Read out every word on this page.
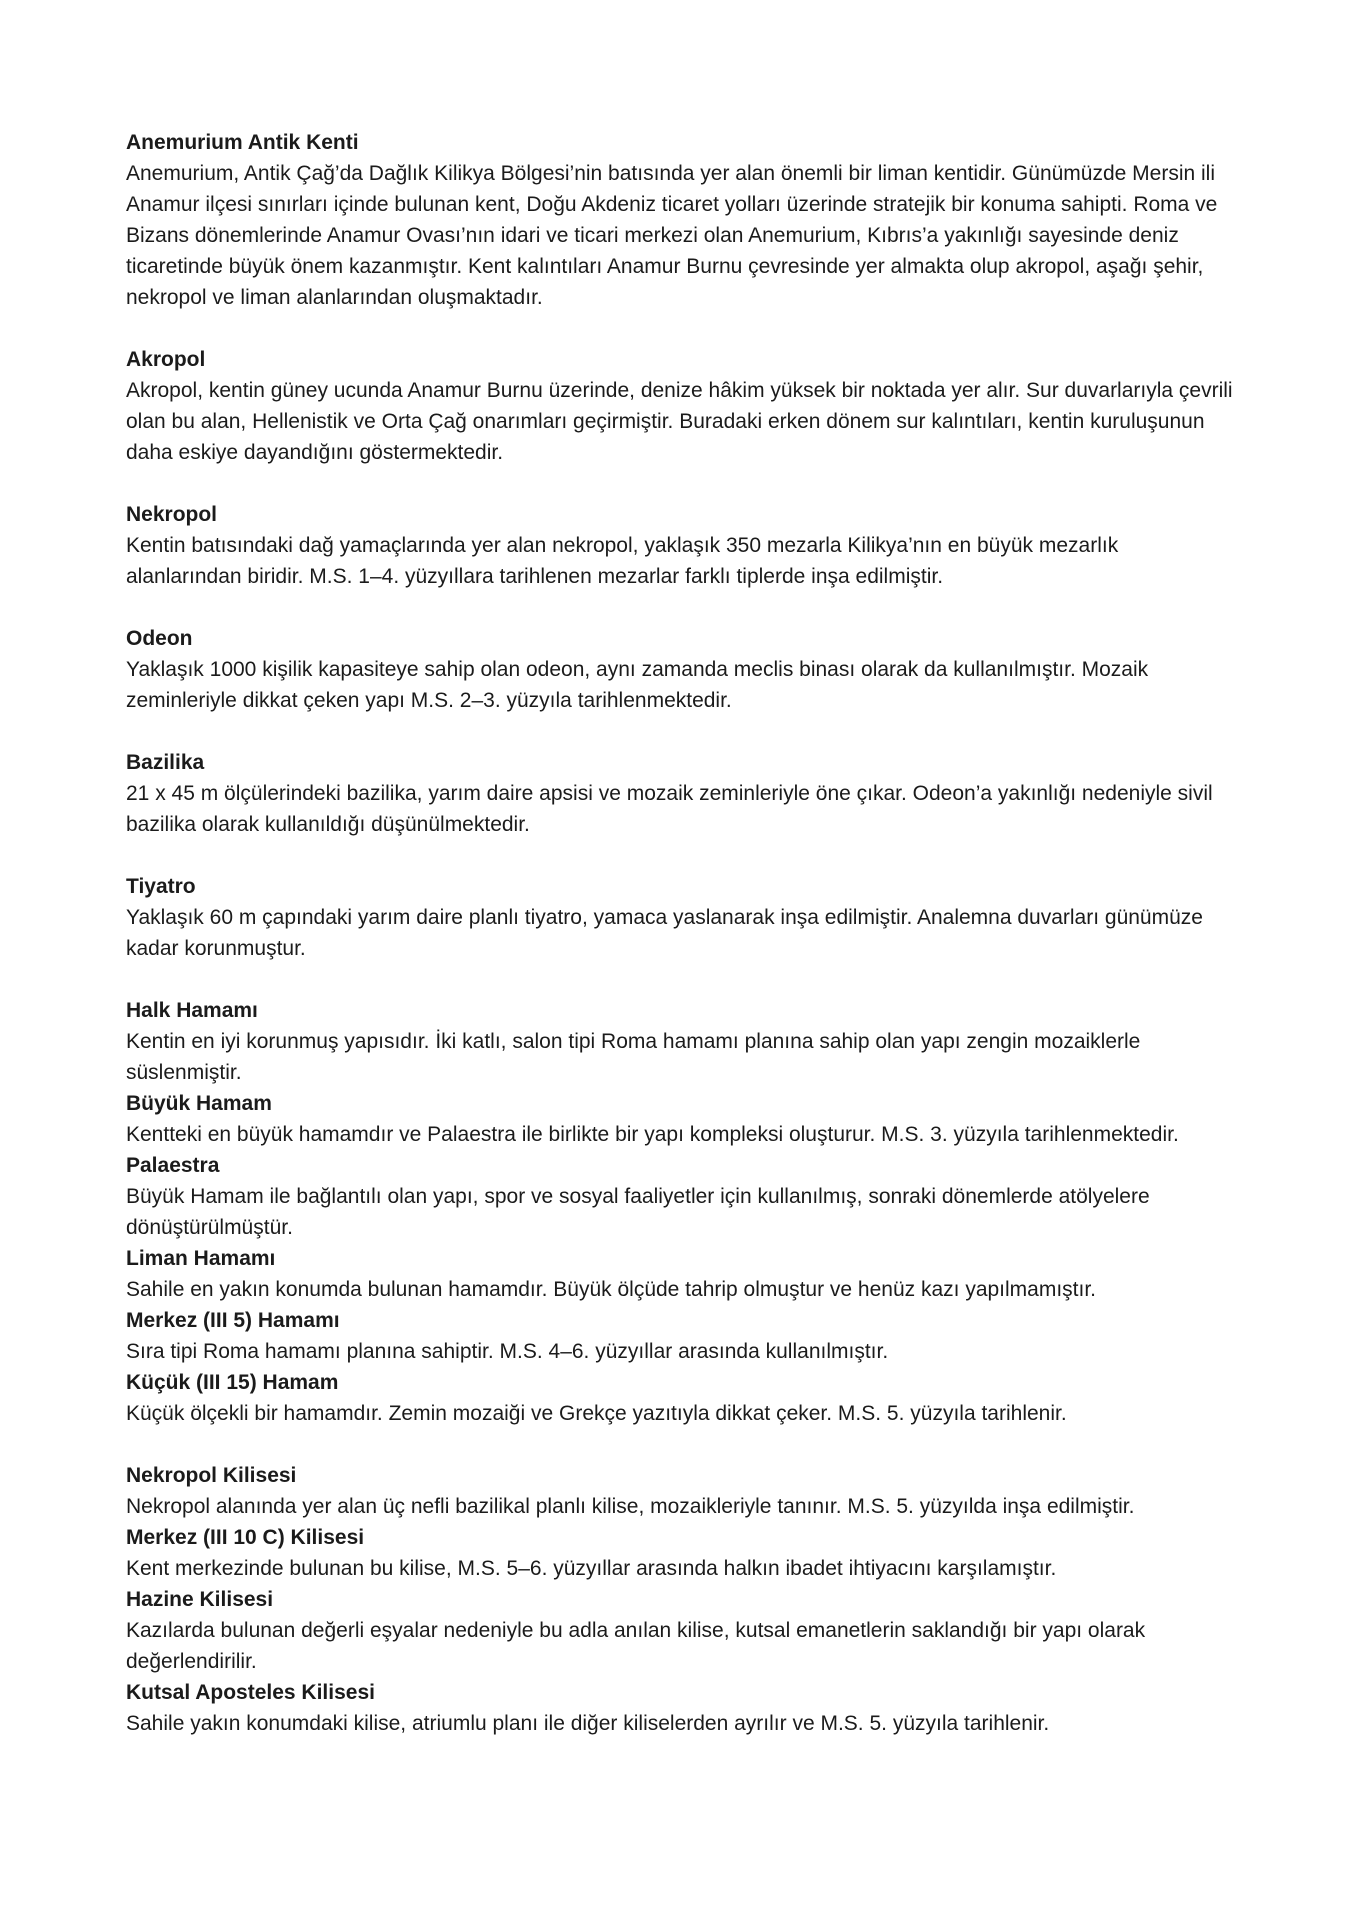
Anemurium Antik Kenti

Anemurium, Antik Çağ’da Dağlık Kilikya Bölgesi’nin batısında yer alan önemli bir liman kentidir. Günümüzde Mersin ili Anamur ilçesi sınırları içinde bulunan kent, Doğu Akdeniz ticaret yolları üzerinde stratejik bir konuma sahipti. Roma ve Bizans dönemlerinde Anamur Ovası’nın idari ve ticari merkezi olan Anemurium, Kıbrıs’a yakınlığı sayesinde deniz ticaretinde büyük önem kazanmıştır. Kent kalıntıları Anamur Burnu çevresinde yer almakta olup akropol, aşağı şehir, nekropol ve liman alanlarından oluşmaktadır.

Akropol

Akropol, kentin güney ucunda Anamur Burnu üzerinde, denize hâkim yüksek bir noktada yer alır. Sur duvarlarıyla çevrili olan bu alan, Hellenistik ve Orta Çağ onarımları geçirmiştir. Buradaki erken dönem sur kalıntıları, kentin kuruluşunun daha eskiye dayandığını göstermektedir.

Nekropol

Kentin batısındaki dağ yamaçlarında yer alan nekropol, yaklaşık 350 mezarla Kilikya’nın en büyük mezarlık alanlarından biridir. M.S. 1–4. yüzyıllara tarihlenen mezarlar farklı tiplerde inşa edilmiştir.

Odeon

Yaklaşık 1000 kişilik kapasiteye sahip olan odeon, aynı zamanda meclis binası olarak da kullanılmıştır. Mozaik zeminleriyle dikkat çeken yapı M.S. 2–3. yüzyıla tarihlenmektedir.

Bazilika

21 x 45 m ölçülerindeki bazilika, yarım daire apsisi ve mozaik zeminleriyle öne çıkar. Odeon’a yakınlığı nedeniyle sivil bazilika olarak kullanıldığı düşünülmektedir.

Tiyatro

Yaklaşık 60 m çapındaki yarım daire planlı tiyatro, yamaca yaslanarak inşa edilmiştir. Analemna duvarları günümüze kadar korunmuştur.

Halk Hamamı

Kentin en iyi korunmuş yapısıdır. İki katlı, salon tipi Roma hamamı planına sahip olan yapı zengin mozaiklerle süslenmiştir.

Büyük Hamam

Kentteki en büyük hamamdır ve Palaestra ile birlikte bir yapı kompleksi oluşturur. M.S. 3. yüzyıla tarihlenmektedir.

Palaestra

Büyük Hamam ile bağlantılı olan yapı, spor ve sosyal faaliyetler için kullanılmış, sonraki dönemlerde atölyelere dönüştürülmüştür.

Liman Hamamı

Sahile en yakın konumda bulunan hamamdır. Büyük ölçüde tahrip olmuştur ve henüz kazı yapılmamıştır.

Merkez (III 5) Hamamı

Sıra tipi Roma hamamı planına sahiptir. M.S. 4–6. yüzyıllar arasında kullanılmıştır.

Küçük (III 15) Hamam

Küçük ölçekli bir hamamdır. Zemin mozaiği ve Grekçe yazıtıyla dikkat çeker. M.S. 5. yüzyıla tarihlenir.

Nekropol Kilisesi

Nekropol alanında yer alan üç nefli bazilikal planlı kilise, mozaikleriyle tanınır. M.S. 5. yüzyılda inşa edilmiştir.

Merkez (III 10 C) Kilisesi

Kent merkezinde bulunan bu kilise, M.S. 5–6. yüzyıllar arasında halkın ibadet ihtiyacını karşılamıştır.

Hazine Kilisesi

Kazılarda bulunan değerli eşyalar nedeniyle bu adla anılan kilise, kutsal emanetlerin saklandığı bir yapı olarak değerlendirilir.

Kutsal Aposteles Kilisesi

Sahile yakın konumdaki kilise, atriumlu planı ile diğer kiliselerden ayrılır ve M.S. 5. yüzyıla tarihlenir.
